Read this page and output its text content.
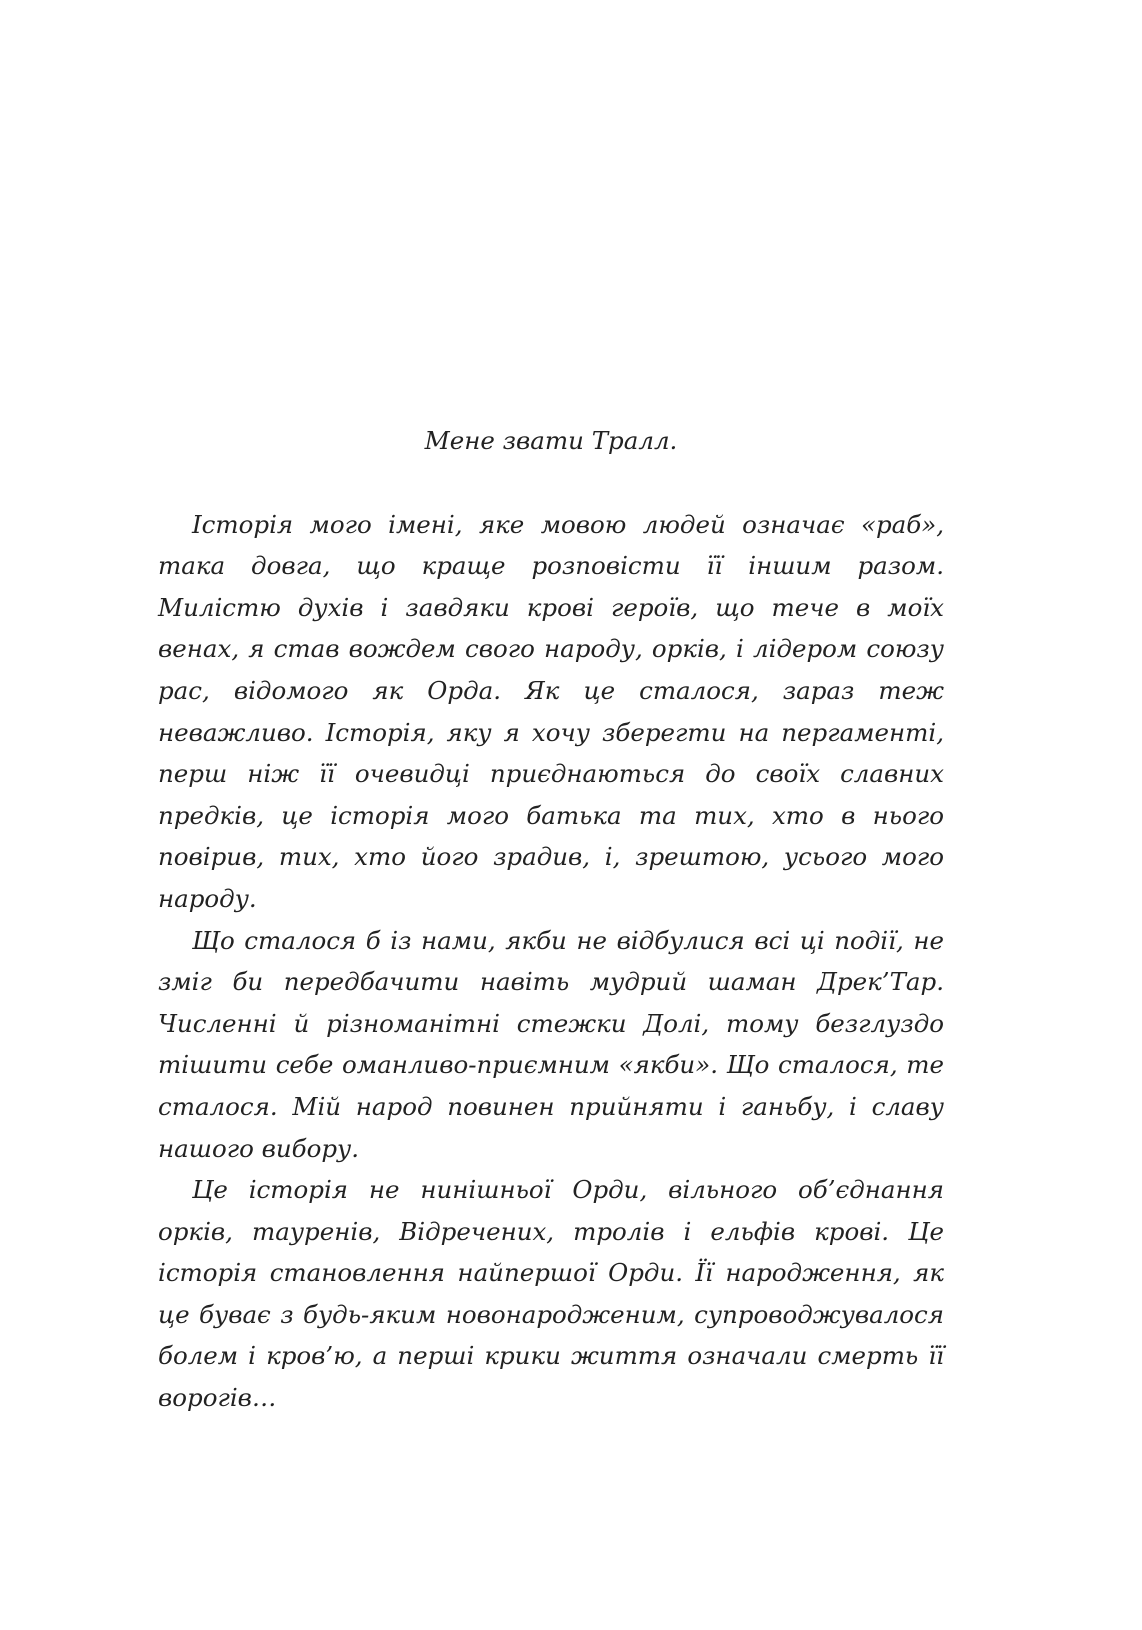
Мене звати Тралл.

Історія мого імені, яке мовою людей означає «раб», така довга, що краще розповісти її іншим разом. Милістю духів і завдяки крові героїв, що тече в моїх венах, я став вождем свого народу, орків, і лідером союзу рас, відомого як Орда. Як це сталося, зараз теж неважливо. Історія, яку я хочу зберегти на пергаменті, перш ніж її очевидці приєднаються до своїх славних предків, це історія мого батька та тих, хто в нього повірив, тих, хто його зрадив, і, зрештою, усього мого народу.

Що сталося б із нами, якби не відбулися всі ці події, не зміг би передбачити навіть мудрий шаман Дрек’Тар. Численні й різноманітні стежки Долі, тому безглуздо тішити себе оманливо-приємним «якби». Що сталося, те сталося. Мій народ повинен прийняти і ганьбу, і славу нашого вибору.

Це історія не нинішньої Орди, вільного об’єднання орків, тауренів, Відречених, тролів і ельфів крові. Це історія становлення найпершої Орди. Її народження, як це буває з будь-яким новонародженим, супроводжувалося болем і кров’ю, а перші крики життя означали смерть її ворогів…
